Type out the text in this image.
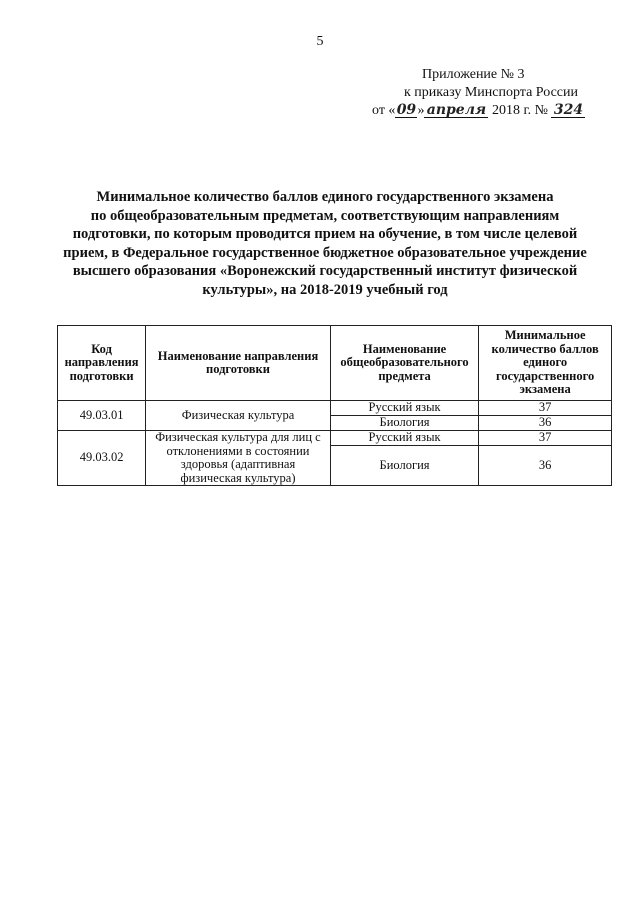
5
Приложение № 3
к приказу Минспорта России
от «09» апреля 2018 г. № 324
Минимальное количество баллов единого государственного экзамена
по общеобразовательным предметам, соответствующим направлениям
подготовки, по которым проводится прием на обучение, в том числе целевой
прием, в Федеральное государственное бюджетное образовательное учреждение
высшего образования «Воронежский государственный институт физической
культуры», на 2018-2019 учебный год
Код направления подготовки	Наименование направления подготовки	Наименование общеобразовательного предмета	Минимальное количество баллов единого государственного экзамена
49.03.01	Физическая культура	Русский язык	37
		Биология	36
49.03.02	Физическая культура для лиц с отклонениями в состоянии здоровья (адаптивная физическая культура)	Русский язык	37
		Биология	36
